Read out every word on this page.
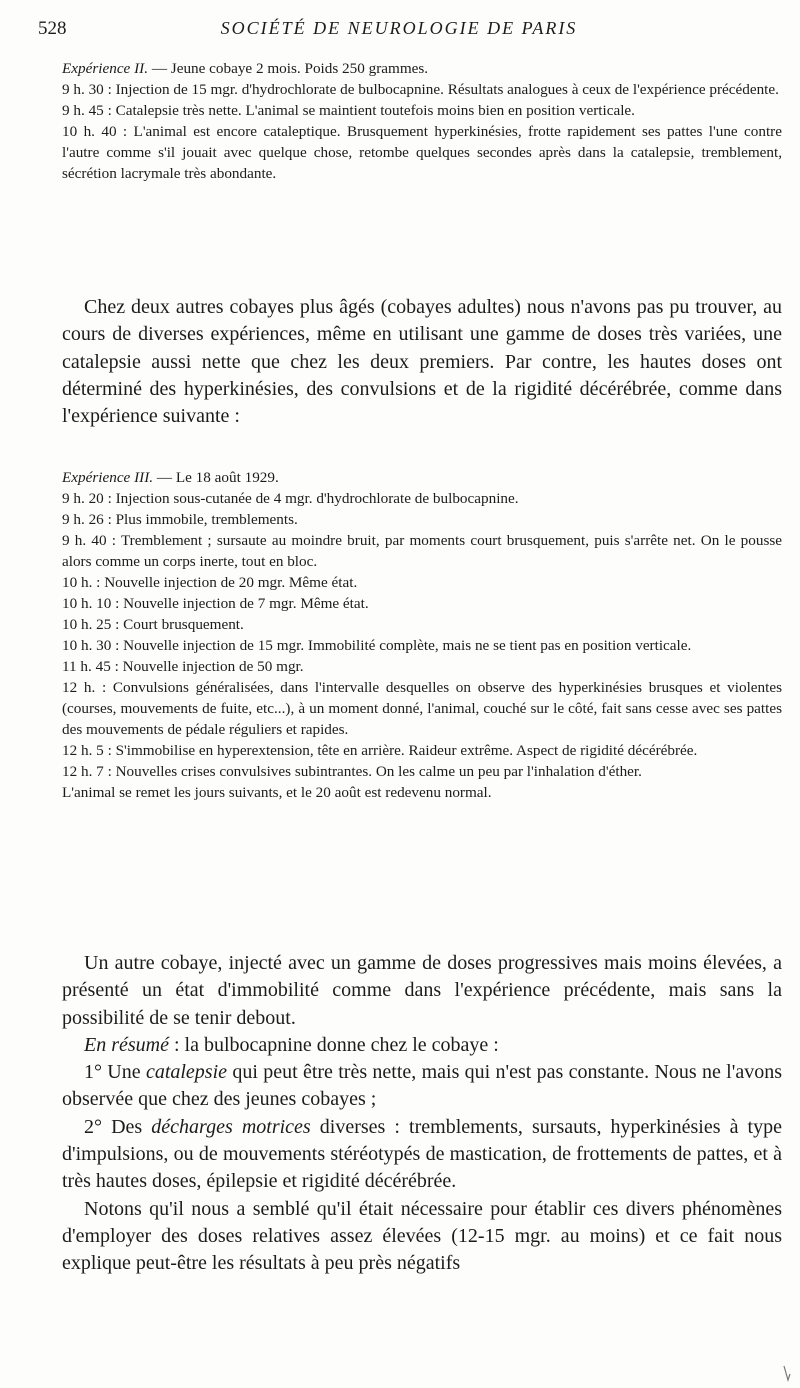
528	SOCIÉTÉ DE NEUROLOGIE DE PARIS

Expérience II. — Jeune cobaye 2 mois. Poids 250 grammes.

9 h. 30 : Injection de 15 mgr. d'hydrochlorate de bulbocapnine. Résultats analogues à ceux de l'expérience précédente.

9 h. 45 : Catalepsie très nette. L'animal se maintient toutefois moins bien en position verticale.

10 h. 40 : L'animal est encore cataleptique. Brusquement hyperkinésies, frotte rapidement ses pattes l'une contre l'autre comme s'il jouait avec quelque chose, retombe quelques secondes après dans la catalepsie, tremblement, sécrétion lacrymale très abondante.

Chez deux autres cobayes plus âgés (cobayes adultes) nous n'avons pas pu trouver, au cours de diverses expériences, même en utilisant une gamme de doses très variées, une catalepsie aussi nette que chez les deux premiers. Par contre, les hautes doses ont déterminé des hyperkinésies, des convulsions et de la rigidité décérébrée, comme dans l'expérience suivante :

Expérience III. — Le 18 août 1929.

9 h. 20 : Injection sous-cutanée de 4 mgr. d'hydrochlorate de bulbocapnine.

9 h. 26 : Plus immobile, tremblements.

9 h. 40 : Tremblement ; sursaute au moindre bruit, par moments court brusquement, puis s'arrête net. On le pousse alors comme un corps inerte, tout en bloc.

10 h. : Nouvelle injection de 20 mgr. Même état.

10 h. 10 : Nouvelle injection de 7 mgr. Même état.

10 h. 25 : Court brusquement.

10 h. 30 : Nouvelle injection de 15 mgr. Immobilité complète, mais ne se tient pas en position verticale.

11 h. 45 : Nouvelle injection de 50 mgr.

12 h. : Convulsions généralisées, dans l'intervalle desquelles on observe des hyperkinésies brusques et violentes (courses, mouvements de fuite, etc...), à un moment donné, l'animal, couché sur le côté, fait sans cesse avec ses pattes des mouvements de pédale réguliers et rapides.

12 h. 5 : S'immobilise en hyperextension, tête en arrière. Raideur extrême. Aspect de rigidité décérébrée.

12 h. 7 : Nouvelles crises convulsives subintrantes. On les calme un peu par l'inhalation d'éther.

L'animal se remet les jours suivants, et le 20 août est redevenu normal.

Un autre cobaye, injecté avec un gamme de doses progressives mais moins élevées, a présenté un état d'immobilité comme dans l'expérience précédente, mais sans la possibilité de se tenir debout.

En résumé : la bulbocapnine donne chez le cobaye :

1° Une catalepsie qui peut être très nette, mais qui n'est pas constante. Nous ne l'avons observée que chez des jeunes cobayes ;

2° Des décharges motrices diverses : tremblements, sursauts, hyperkinésies à type d'impulsions, ou de mouvements stéréotypés de mastication, de frottements de pattes, et à très hautes doses, épilepsie et rigidité décérébrée.

Notons qu'il nous a semblé qu'il était nécessaire pour établir ces divers phénomènes d'employer des doses relatives assez élevées (12-15 mgr. au moins) et ce fait nous explique peut-être les résultats à peu près négatifs
